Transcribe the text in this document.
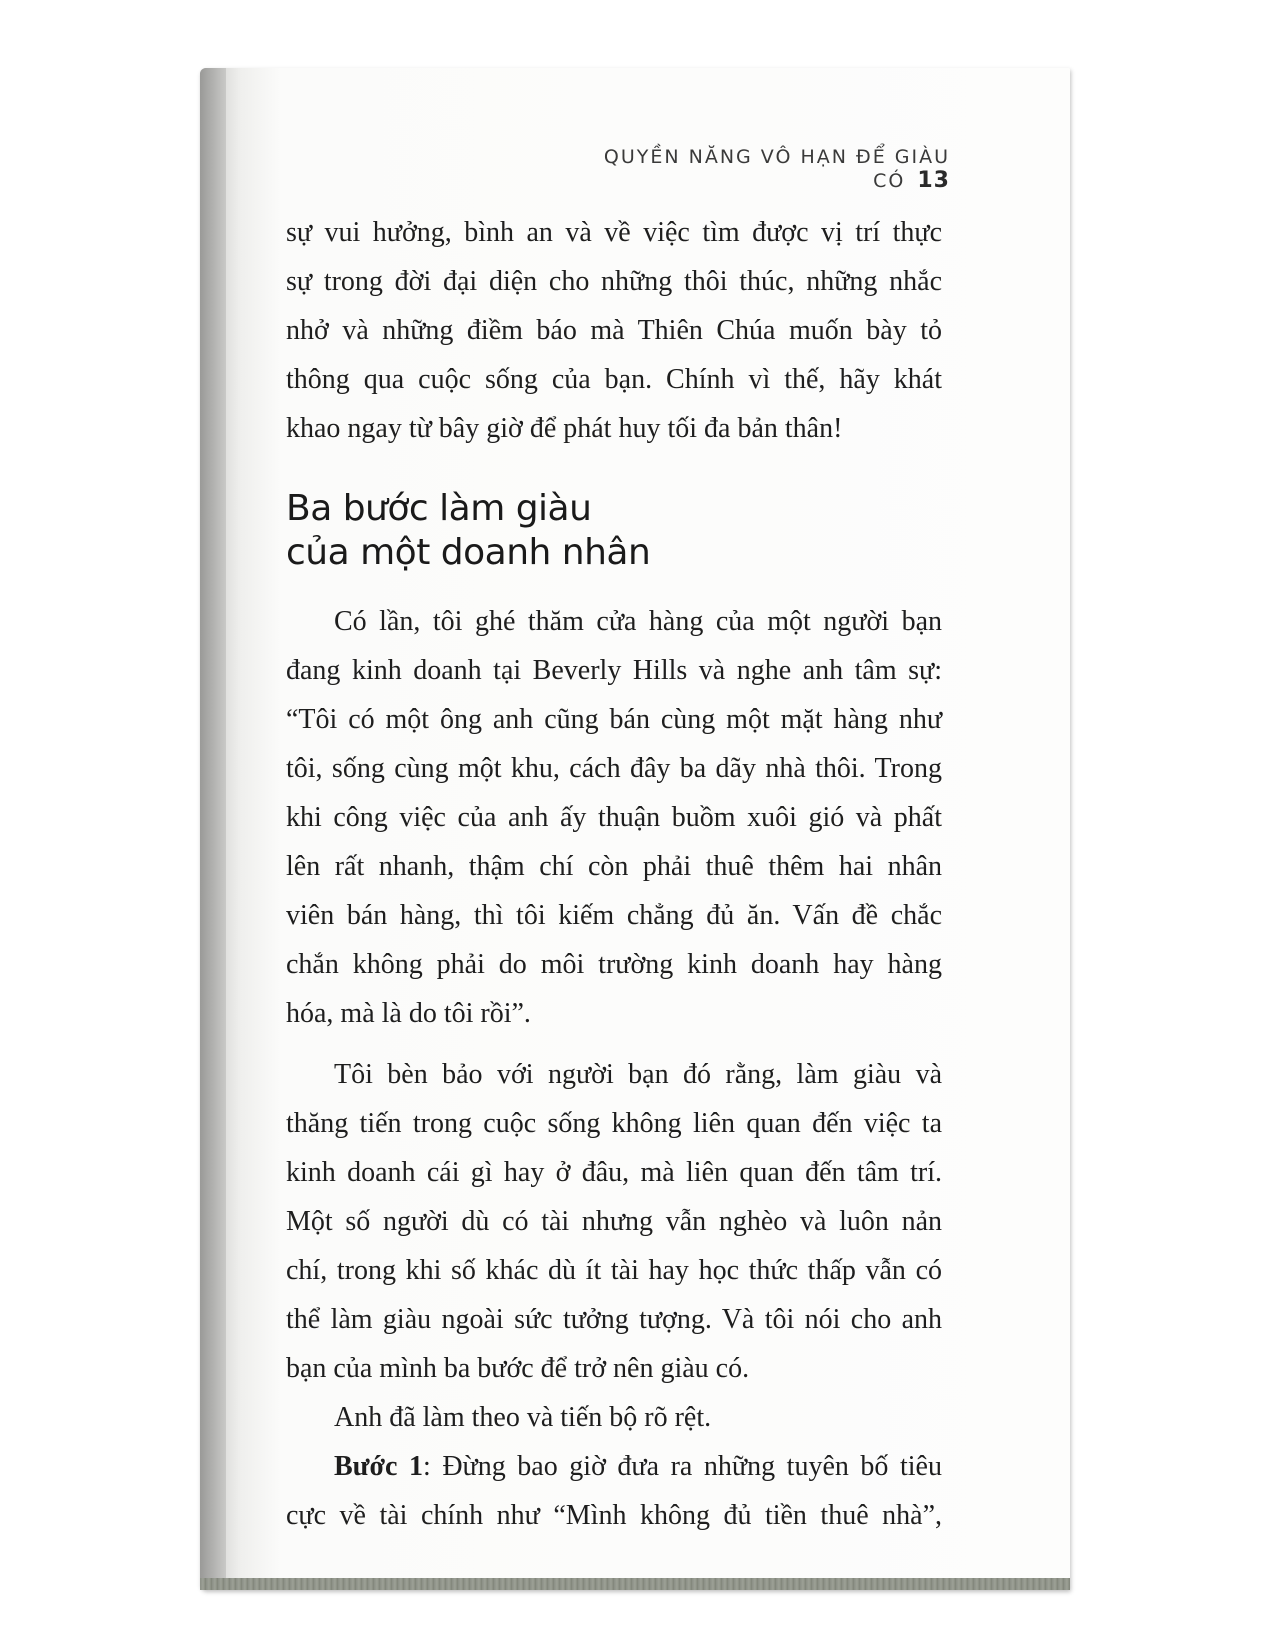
QUYỀN NĂNG VÔ HẠN ĐỂ GIÀU CÓ 13
sự vui hưởng, bình an và về việc tìm được vị trí thực
sự trong đời đại diện cho những thôi thúc, những nhắc
nhở và những điềm báo mà Thiên Chúa muốn bày tỏ
thông qua cuộc sống của bạn. Chính vì thế, hãy khát
khao ngay từ bây giờ để phát huy tối đa bản thân!
Ba bước làm giàu
của một doanh nhân
Có lần, tôi ghé thăm cửa hàng của một người bạn
đang kinh doanh tại Beverly Hills và nghe anh tâm sự:
“Tôi có một ông anh cũng bán cùng một mặt hàng như
tôi, sống cùng một khu, cách đây ba dãy nhà thôi. Trong
khi công việc của anh ấy thuận buồm xuôi gió và phất
lên rất nhanh, thậm chí còn phải thuê thêm hai nhân
viên bán hàng, thì tôi kiếm chẳng đủ ăn. Vấn đề chắc
chắn không phải do môi trường kinh doanh hay hàng
hóa, mà là do tôi rồi”.
Tôi bèn bảo với người bạn đó rằng, làm giàu và
thăng tiến trong cuộc sống không liên quan đến việc ta
kinh doanh cái gì hay ở đâu, mà liên quan đến tâm trí.
Một số người dù có tài nhưng vẫn nghèo và luôn nản
chí, trong khi số khác dù ít tài hay học thức thấp vẫn có
thể làm giàu ngoài sức tưởng tượng. Và tôi nói cho anh
bạn của mình ba bước để trở nên giàu có.
Anh đã làm theo và tiến bộ rõ rệt.
Bước 1: Đừng bao giờ đưa ra những tuyên bố tiêu
cực về tài chính như “Mình không đủ tiền thuê nhà”,
